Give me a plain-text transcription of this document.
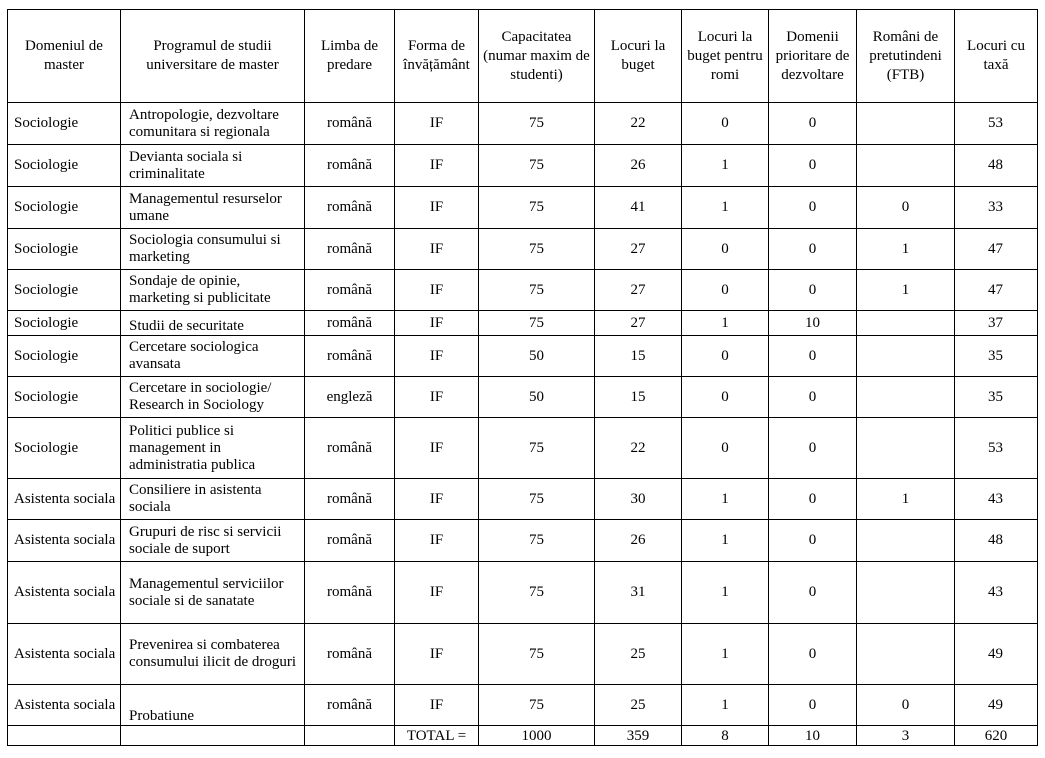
Domeniul de master	Programul de studii universitare de master	Limba de predare	Forma de învățământ	Capacitatea (numar maxim de studenti)	Locuri la buget	Locuri la buget pentru romi	Domenii prioritare de dezvoltare	Români de pretutindeni (FTB)	Locuri cu taxă
Sociologie	Antropologie, dezvoltare comunitara si regionala	română	IF	75	22	0	0		53
Sociologie	Devianta sociala si criminalitate	română	IF	75	26	1	0		48
Sociologie	Managementul resurselor umane	română	IF	75	41	1	0	0	33
Sociologie	Sociologia consumului si marketing	română	IF	75	27	0	0	1	47
Sociologie	Sondaje de opinie, marketing si publicitate	română	IF	75	27	0	0	1	47
Sociologie	Studii de securitate	română	IF	75	27	1	10		37
Sociologie	Cercetare sociologica avansata	română	IF	50	15	0	0		35
Sociologie	Cercetare in sociologie/ Research in Sociology	engleză	IF	50	15	0	0		35
Sociologie	Politici publice si management in administratia publica	română	IF	75	22	0	0		53
Asistenta sociala	Consiliere in asistenta sociala	română	IF	75	30	1	0	1	43
Asistenta sociala	Grupuri de risc si servicii sociale de suport	română	IF	75	26	1	0		48
Asistenta sociala	Managementul serviciilor sociale si de sanatate	română	IF	75	31	1	0		43
Asistenta sociala	Prevenirea si combaterea consumului ilicit de droguri	română	IF	75	25	1	0		49
Asistenta sociala	Probatiune	română	IF	75	25	1	0	0	49
			TOTAL =	1000	359	8	10	3	620
